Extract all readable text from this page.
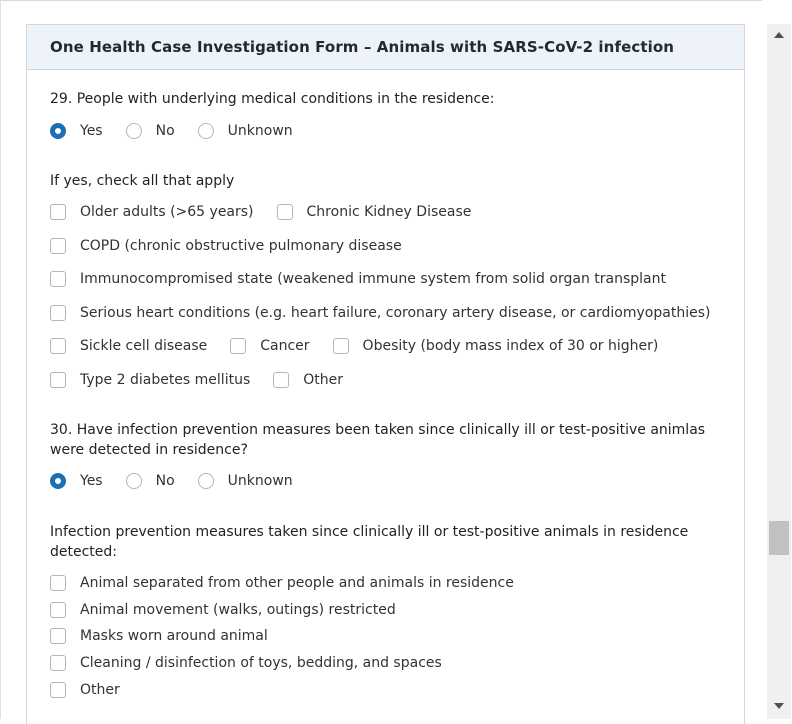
One Health Case Investigation Form – Animals with SARS-CoV-2 infection
29. People with underlying medical conditions in the residence:
Yes	No	Unknown
If yes, check all that apply
Older adults (>65 years)	Chronic Kidney Disease
COPD (chronic obstructive pulmonary disease
Immunocompromised state (weakened immune system from solid organ transplant
Serious heart conditions (e.g. heart failure, coronary artery disease, or cardiomyopathies)
Sickle cell disease	Cancer	Obesity (body mass index of 30 or higher)
Type 2 diabetes mellitus	Other
30. Have infection prevention measures been taken since clinically ill or test-positive animlas were detected in residence?
Yes	No	Unknown
Infection prevention measures taken since clinically ill or test-positive animals in residence detected:
Animal separated from other people and animals in residence
Animal movement (walks, outings) restricted
Masks worn around animal
Cleaning / disinfection of toys, bedding, and spaces
Other
